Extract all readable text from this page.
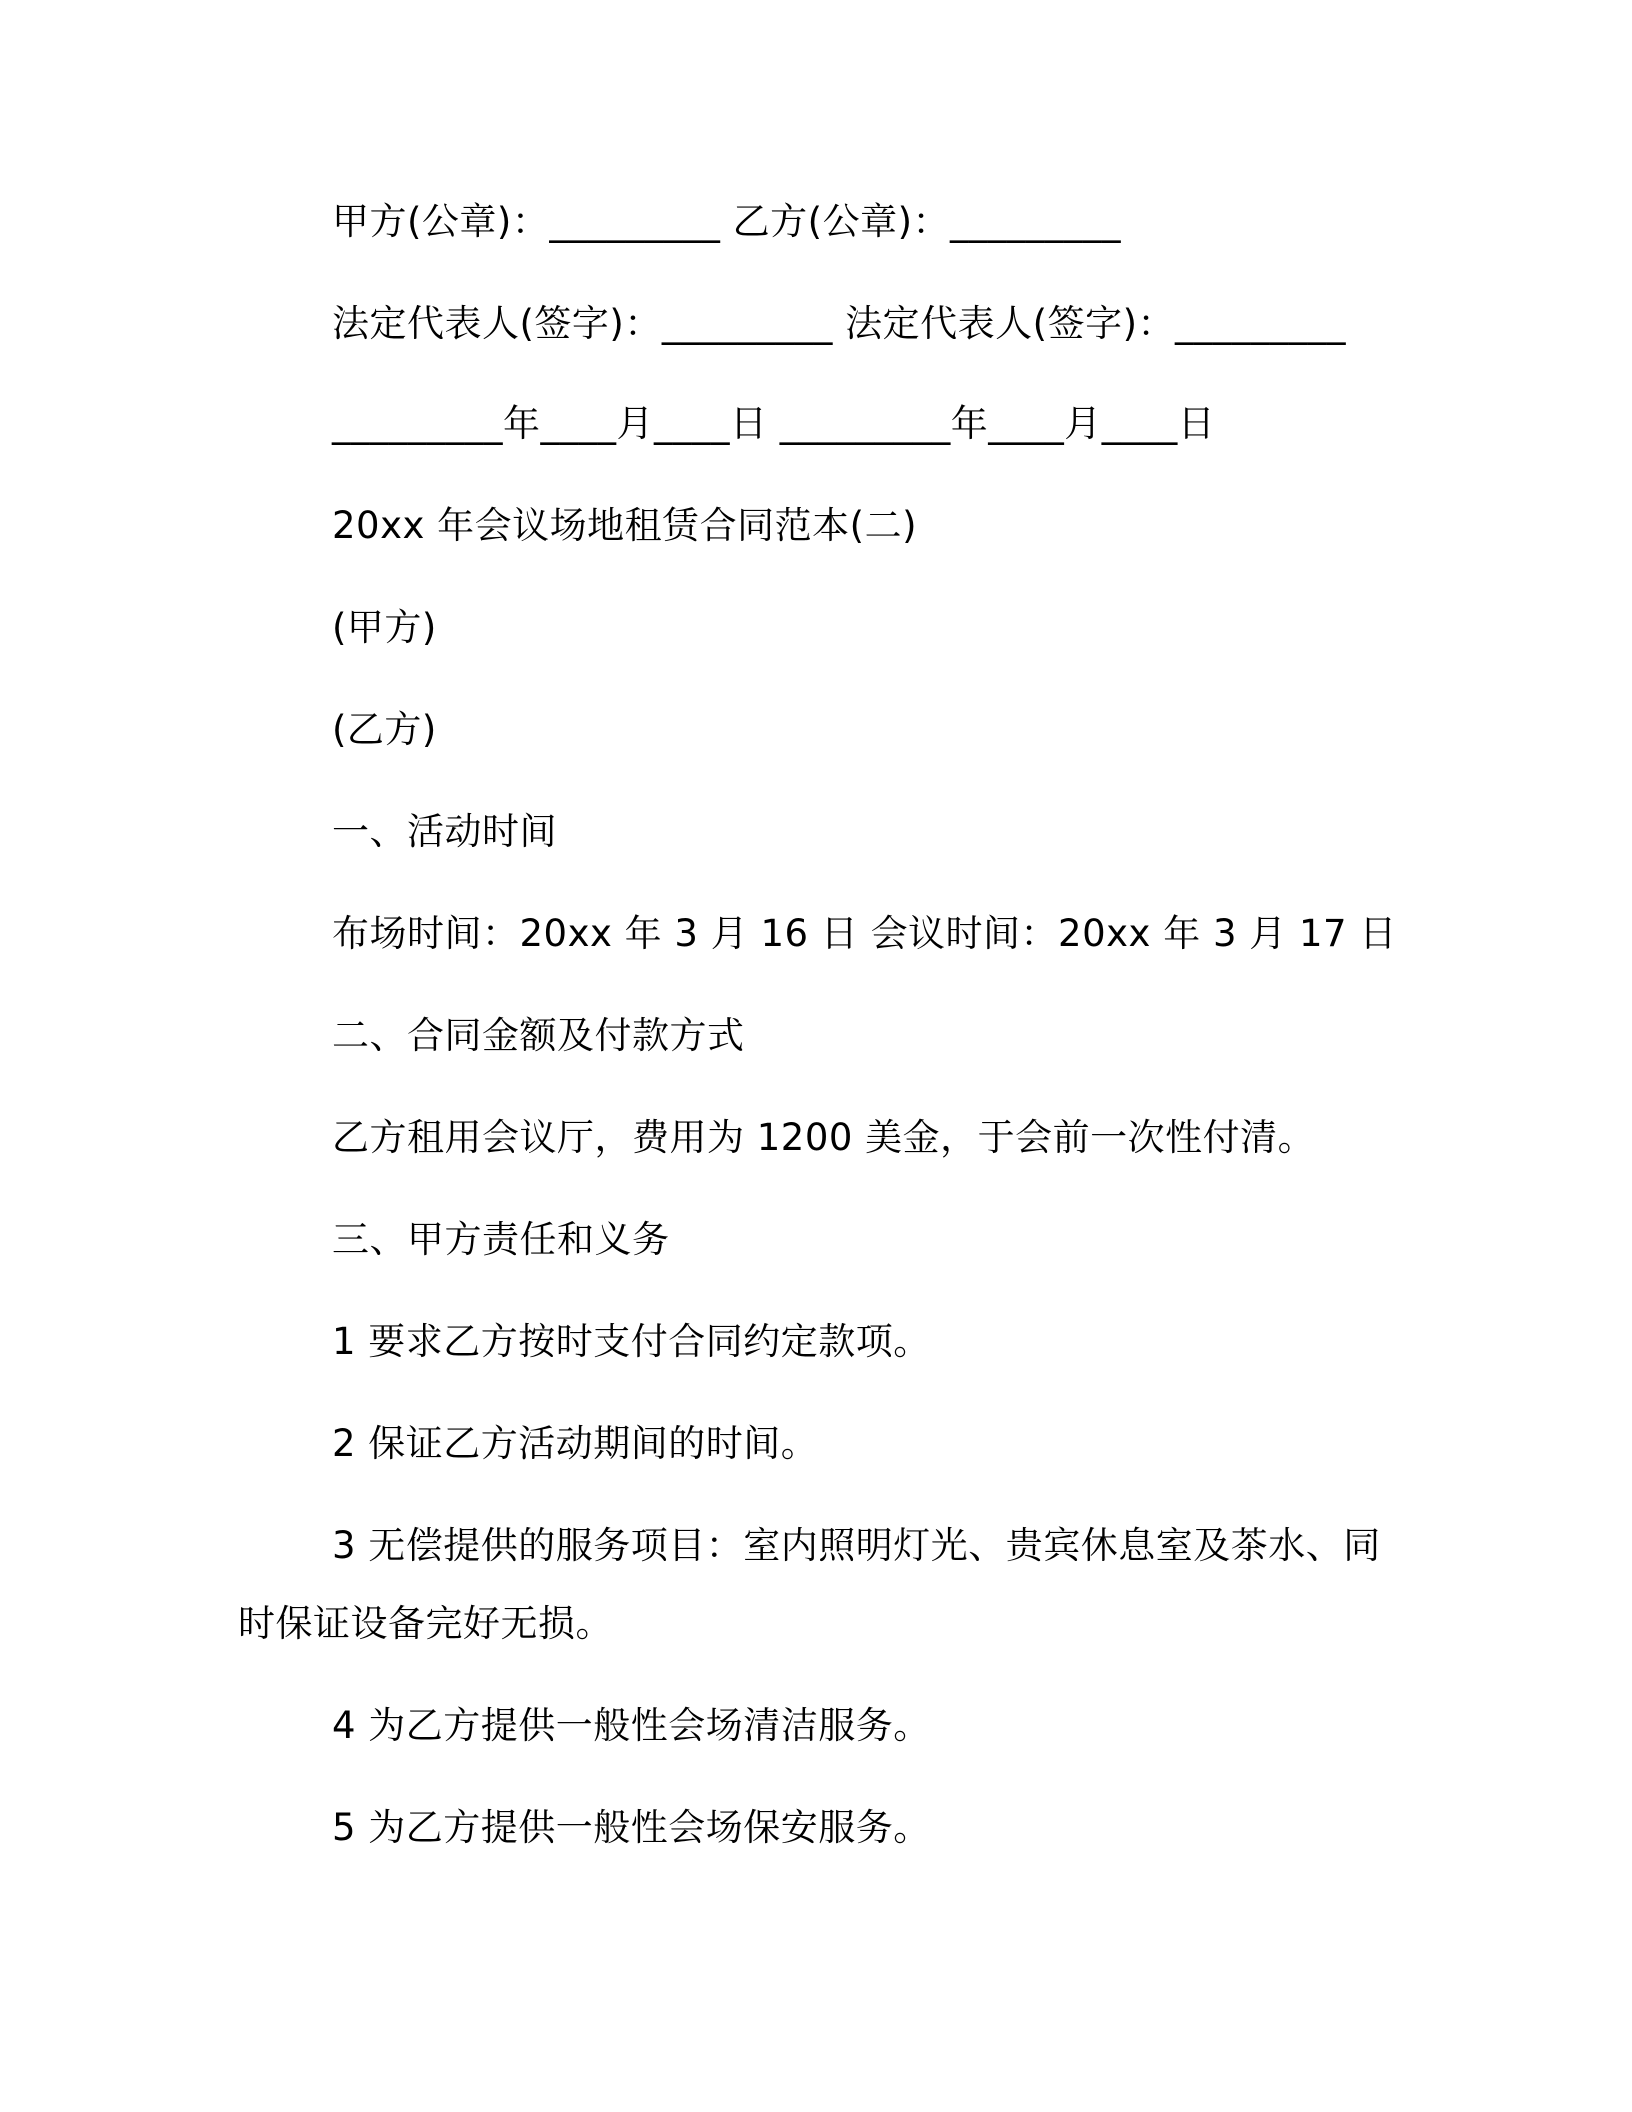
甲方(公章)：_________ 乙方(公章)：_________
法定代表人(签字)：_________ 法定代表人(签字)：_________
_________年____月____日 _________年____月____日
20xx 年会议场地租赁合同范本(二)
(甲方)
(乙方)
一、活动时间
布场时间：20xx 年 3 月 16 日 会议时间：20xx 年 3 月 17 日
二、合同金额及付款方式
乙方租用会议厅，费用为 1200 美金，于会前一次性付清。
三、甲方责任和义务
1 要求乙方按时支付合同约定款项。
2 保证乙方活动期间的时间。
3 无偿提供的服务项目：室内照明灯光、贵宾休息室及茶水、同
时保证设备完好无损。
4 为乙方提供一般性会场清洁服务。
5 为乙方提供一般性会场保安服务。
